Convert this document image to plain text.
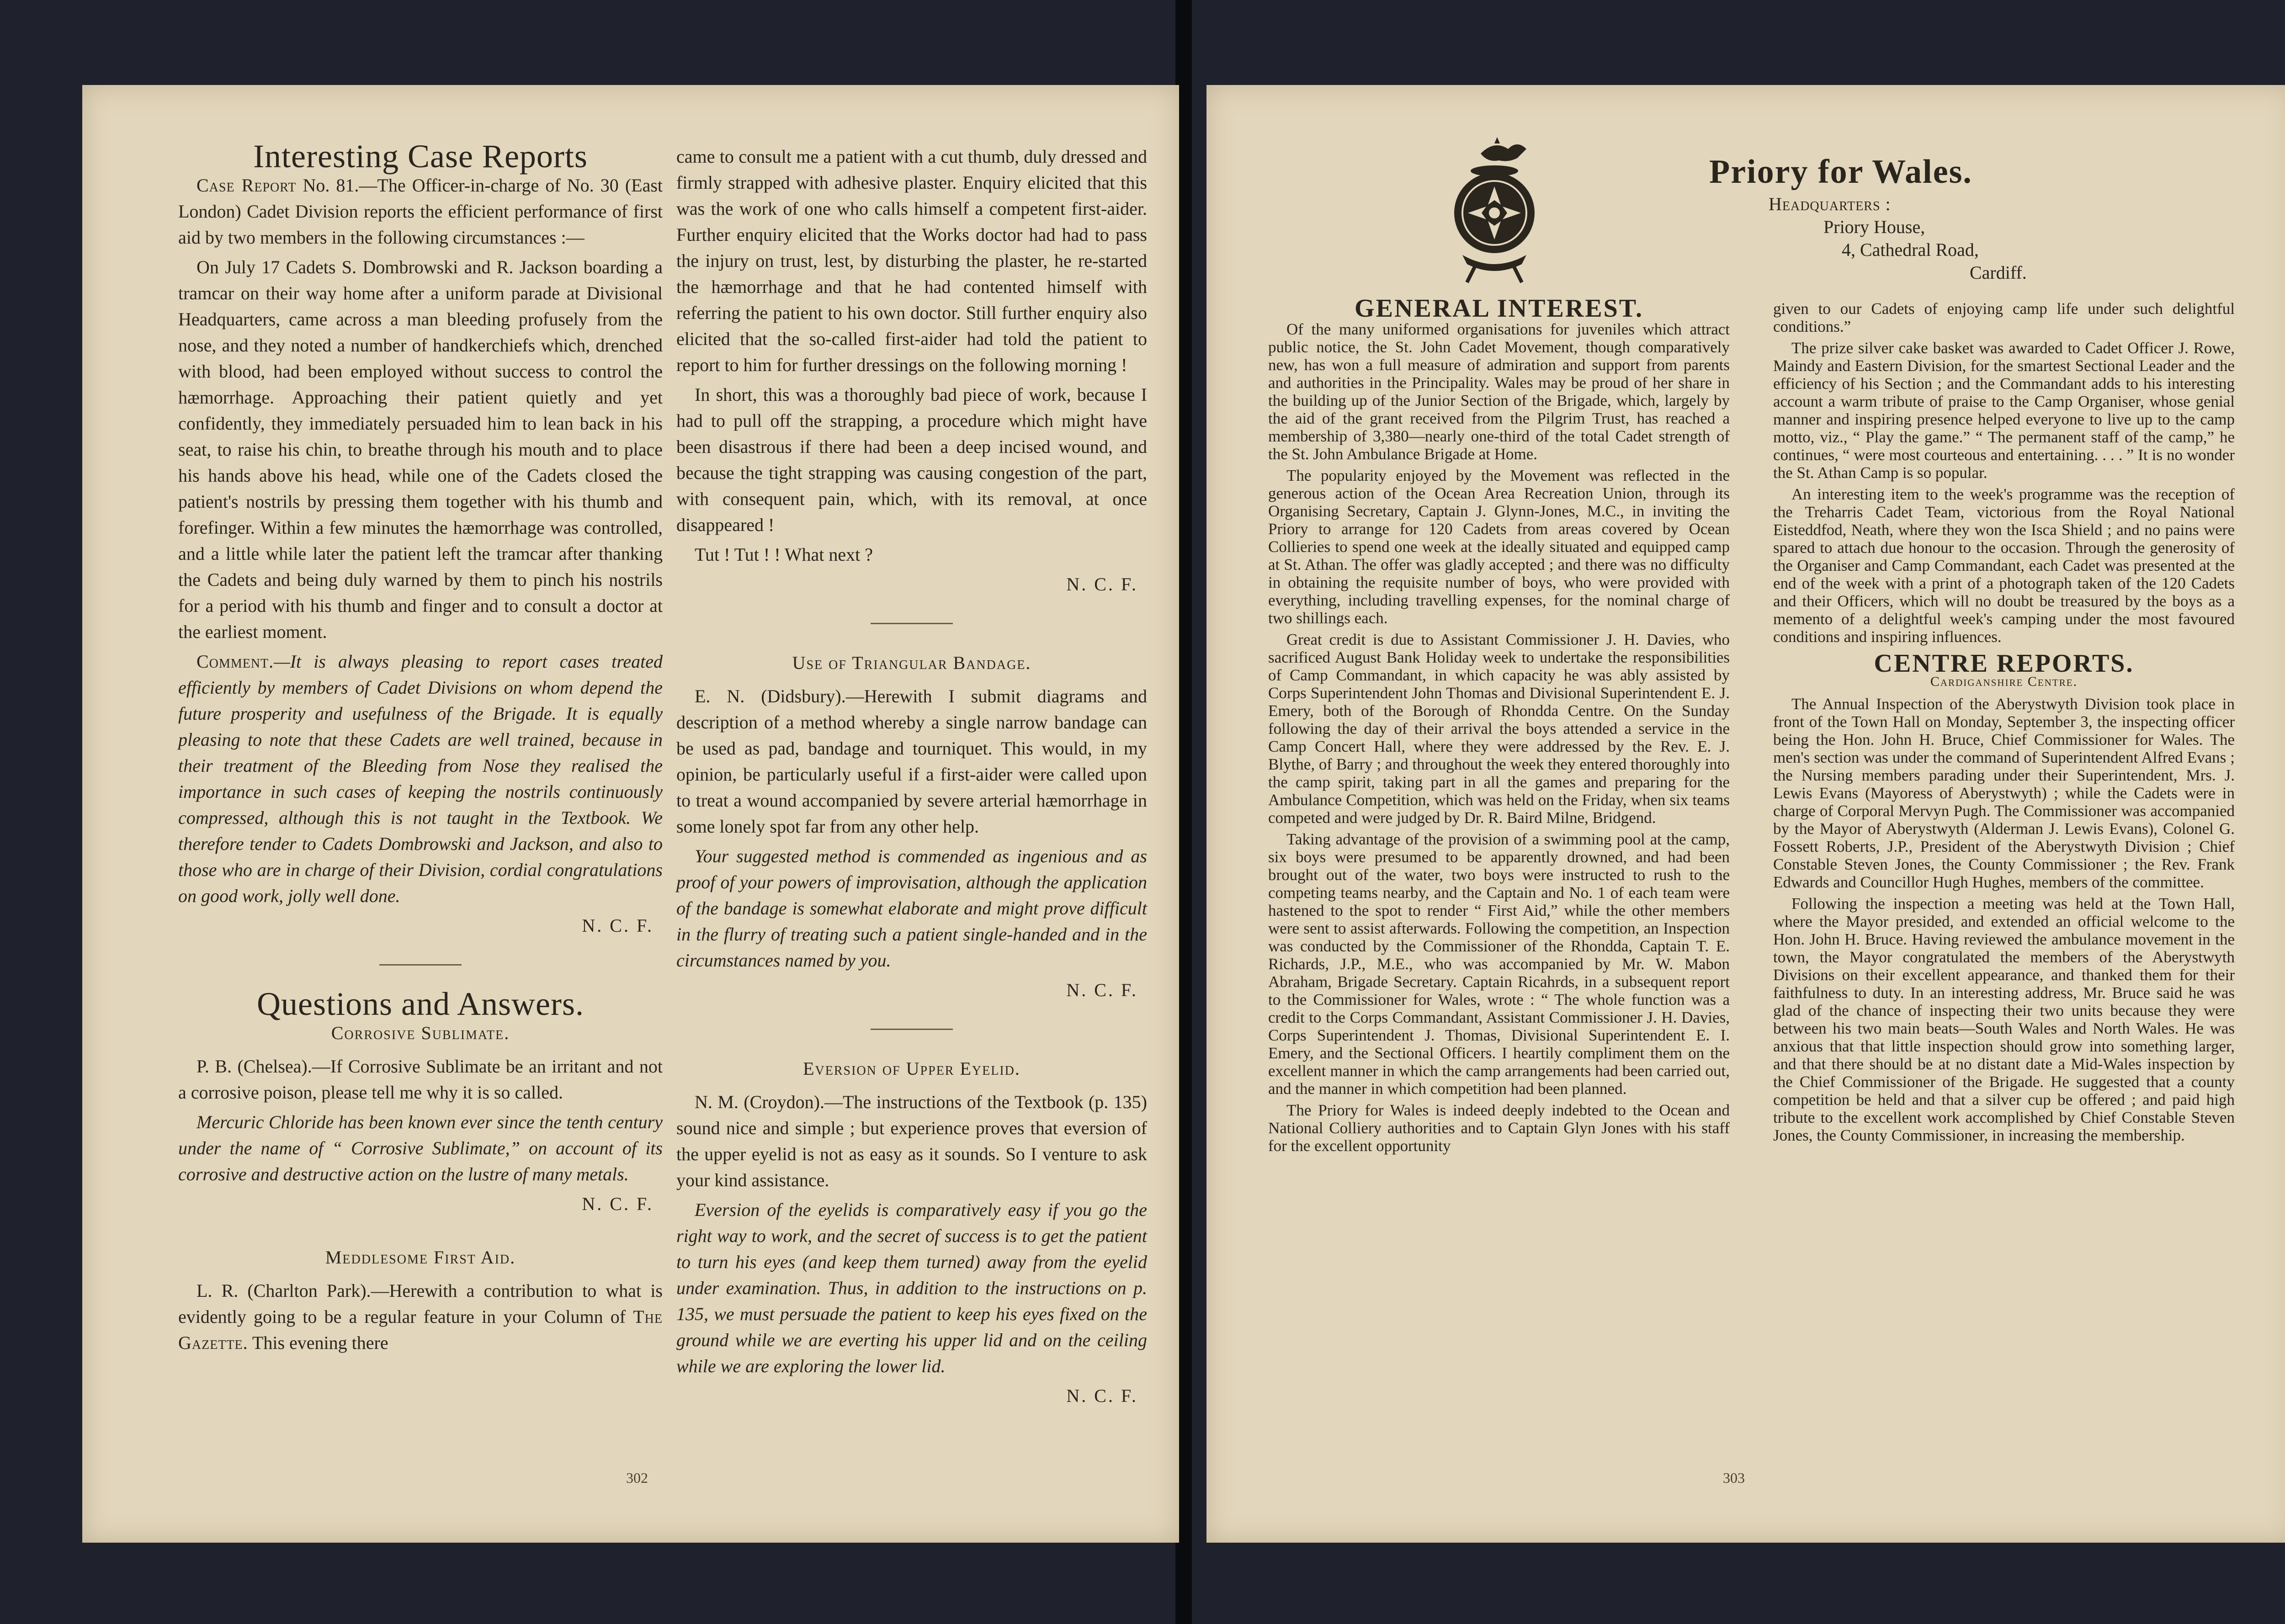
Interesting Case Reports

Case Report No. 81.—The Officer-in-charge of No. 30 (East London) Cadet Division reports the efficient performance of first aid by two members in the following circumstances :—

On July 17 Cadets S. Dombrowski and R. Jackson boarding a tramcar on their way home after a uniform parade at Divisional Headquarters, came across a man bleeding profusely from the nose, and they noted a number of handkerchiefs which, drenched with blood, had been employed without success to control the hæmorrhage. Approaching their patient quietly and yet confidently, they immediately persuaded him to lean back in his seat, to raise his chin, to breathe through his mouth and to place his hands above his head, while one of the Cadets closed the patient's nostrils by pressing them together with his thumb and forefinger. Within a few minutes the hæmorrhage was controlled, and a little while later the patient left the tramcar after thanking the Cadets and being duly warned by them to pinch his nostrils for a period with his thumb and finger and to consult a doctor at the earliest moment.

Comment.—It is always pleasing to report cases treated efficiently by members of Cadet Divisions on whom depend the future prosperity and usefulness of the Brigade. It is equally pleasing to note that these Cadets are well trained, because in their treatment of the Bleeding from Nose they realised the importance in such cases of keeping the nostrils continuously compressed, although this is not taught in the Textbook. We therefore tender to Cadets Dombrowski and Jackson, and also to those who are in charge of their Division, cordial congratulations on good work, jolly well done.

N. C. F.
Questions and Answers.
Corrosive Sublimate.

P. B. (Chelsea).—If Corrosive Sublimate be an irritant and not a corrosive poison, please tell me why it is so called.

Mercuric Chloride has been known ever since the tenth century under the name of “ Corrosive Sublimate,” on account of its corrosive and destructive action on the lustre of many metals.

N. C. F.
Meddlesome First Aid.

L. R. (Charlton Park).—Herewith a contribution to what is evidently going to be a regular feature in your Column of The Gazette. This evening there

came to consult me a patient with a cut thumb, duly dressed and firmly strapped with adhesive plaster. Enquiry elicited that this was the work of one who calls himself a competent first-aider. Further enquiry elicited that the Works doctor had had to pass the injury on trust, lest, by disturbing the plaster, he re-started the hæmorrhage and that he had contented himself with referring the patient to his own doctor. Still further enquiry also elicited that the so-called first-aider had told the patient to report to him for further dressings on the following morning !

In short, this was a thoroughly bad piece of work, because I had to pull off the strapping, a procedure which might have been disastrous if there had been a deep incised wound, and because the tight strapping was causing congestion of the part, with consequent pain, which, with its removal, at once disappeared !

Tut ! Tut ! ! What next ?

N. C. F.
Use of Triangular Bandage.

E. N. (Didsbury).—Herewith I submit diagrams and description of a method whereby a single narrow bandage can be used as pad, bandage and tourniquet. This would, in my opinion, be particularly useful if a first-aider were called upon to treat a wound accompanied by severe arterial hæmorrhage in some lonely spot far from any other help.

Your suggested method is commended as ingenious and as proof of your powers of improvisation, although the application of the bandage is somewhat elaborate and might prove difficult in the flurry of treating such a patient single-handed and in the circumstances named by you.

N. C. F.
Eversion of Upper Eyelid.

N. M. (Croydon).—The instructions of the Textbook (p. 135) sound nice and simple ; but experience proves that eversion of the upper eyelid is not as easy as it sounds. So I venture to ask your kind assistance.

Eversion of the eyelids is comparatively easy if you go the right way to work, and the secret of success is to get the patient to turn his eyes (and keep them turned) away from the eyelid under examination. Thus, in addition to the instructions on p. 135, we must persuade the patient to keep his eyes fixed on the ground while we are everting his upper lid and on the ceiling while we are exploring the lower lid.

N. C. F.
302
Priory for Wales.
Headquarters :
Priory House,
4, Cathedral Road,
Cardiff.
GENERAL INTEREST.

Of the many uniformed organisations for juveniles which attract public notice, the St. John Cadet Movement, though comparatively new, has won a full measure of admiration and support from parents and authorities in the Principality. Wales may be proud of her share in the building up of the Junior Section of the Brigade, which, largely by the aid of the grant received from the Pilgrim Trust, has reached a membership of 3,380—nearly one-third of the total Cadet strength of the St. John Ambulance Brigade at Home.

The popularity enjoyed by the Movement was reflected in the generous action of the Ocean Area Recreation Union, through its Organising Secretary, Captain J. Glynn-Jones, M.C., in inviting the Priory to arrange for 120 Cadets from areas covered by Ocean Collieries to spend one week at the ideally situated and equipped camp at St. Athan. The offer was gladly accepted ; and there was no difficulty in obtaining the requisite number of boys, who were provided with everything, including travelling expenses, for the nominal charge of two shillings each.

Great credit is due to Assistant Commissioner J. H. Davies, who sacrificed August Bank Holiday week to undertake the responsibilities of Camp Commandant, in which capacity he was ably assisted by Corps Superintendent John Thomas and Divisional Superintendent E. J. Emery, both of the Borough of Rhondda Centre. On the Sunday following the day of their arrival the boys attended a service in the Camp Concert Hall, where they were addressed by the Rev. E. J. Blythe, of Barry ; and throughout the week they entered thoroughly into the camp spirit, taking part in all the games and preparing for the Ambulance Competition, which was held on the Friday, when six teams competed and were judged by Dr. R. Baird Milne, Bridgend.

Taking advantage of the provision of a swimming pool at the camp, six boys were presumed to be apparently drowned, and had been brought out of the water, two boys were instructed to rush to the competing teams nearby, and the Captain and No. 1 of each team were hastened to the spot to render “ First Aid,” while the other members were sent to assist afterwards. Following the competition, an Inspection was conducted by the Commissioner of the Rhondda, Captain T. E. Richards, J.P., M.E., who was accompanied by Mr. W. Mabon Abraham, Brigade Secretary. Captain Ricahrds, in a subsequent report to the Commissioner for Wales, wrote : “ The whole function was a credit to the Corps Commandant, Assistant Commissioner J. H. Davies, Corps Superintendent J. Thomas, Divisional Superintendent E. I. Emery, and the Sectional Officers. I heartily compliment them on the excellent manner in which the camp arrangements had been carried out, and the manner in which competition had been planned.

The Priory for Wales is indeed deeply indebted to the Ocean and National Colliery authorities and to Captain Glyn Jones with his staff for the excellent opportunity

given to our Cadets of enjoying camp life under such delightful conditions.”

The prize silver cake basket was awarded to Cadet Officer J. Rowe, Maindy and Eastern Division, for the smartest Sectional Leader and the efficiency of his Section ; and the Commandant adds to his interesting account a warm tribute of praise to the Camp Organiser, whose genial manner and inspiring presence helped everyone to live up to the camp motto, viz., “ Play the game.” “ The permanent staff of the camp,” he continues, “ were most courteous and entertaining. . . . ” It is no wonder the St. Athan Camp is so popular.

An interesting item to the week's programme was the reception of the Treharris Cadet Team, victorious from the Royal National Eisteddfod, Neath, where they won the Isca Shield ; and no pains were spared to attach due honour to the occasion. Through the generosity of the Organiser and Camp Commandant, each Cadet was presented at the end of the week with a print of a photograph taken of the 120 Cadets and their Officers, which will no doubt be treasured by the boys as a memento of a delightful week's camping under the most favoured conditions and inspiring influences.

CENTRE REPORTS.
Cardiganshire Centre.

The Annual Inspection of the Aberystwyth Division took place in front of the Town Hall on Monday, September 3, the inspecting officer being the Hon. John H. Bruce, Chief Commissioner for Wales. The men's section was under the command of Superintendent Alfred Evans ; the Nursing members parading under their Superintendent, Mrs. J. Lewis Evans (Mayoress of Aberystwyth) ; while the Cadets were in charge of Corporal Mervyn Pugh. The Commissioner was accompanied by the Mayor of Aberystwyth (Alderman J. Lewis Evans), Colonel G. Fossett Roberts, J.P., President of the Aberystwyth Division ; Chief Constable Steven Jones, the County Commissioner ; the Rev. Frank Edwards and Councillor Hugh Hughes, members of the committee.

Following the inspection a meeting was held at the Town Hall, where the Mayor presided, and extended an official welcome to the Hon. John H. Bruce. Having reviewed the ambulance movement in the town, the Mayor congratulated the members of the Aberystwyth Divisions on their excellent appearance, and thanked them for their faithfulness to duty. In an interesting address, Mr. Bruce said he was glad of the chance of inspecting their two units because they were between his two main beats—South Wales and North Wales. He was anxious that that little inspection should grow into something larger, and that there should be at no distant date a Mid-Wales inspection by the Chief Commissioner of the Brigade. He suggested that a county competition be held and that a silver cup be offered ; and paid high tribute to the excellent work accomplished by Chief Constable Steven Jones, the County Commissioner, in increasing the membership.

303
